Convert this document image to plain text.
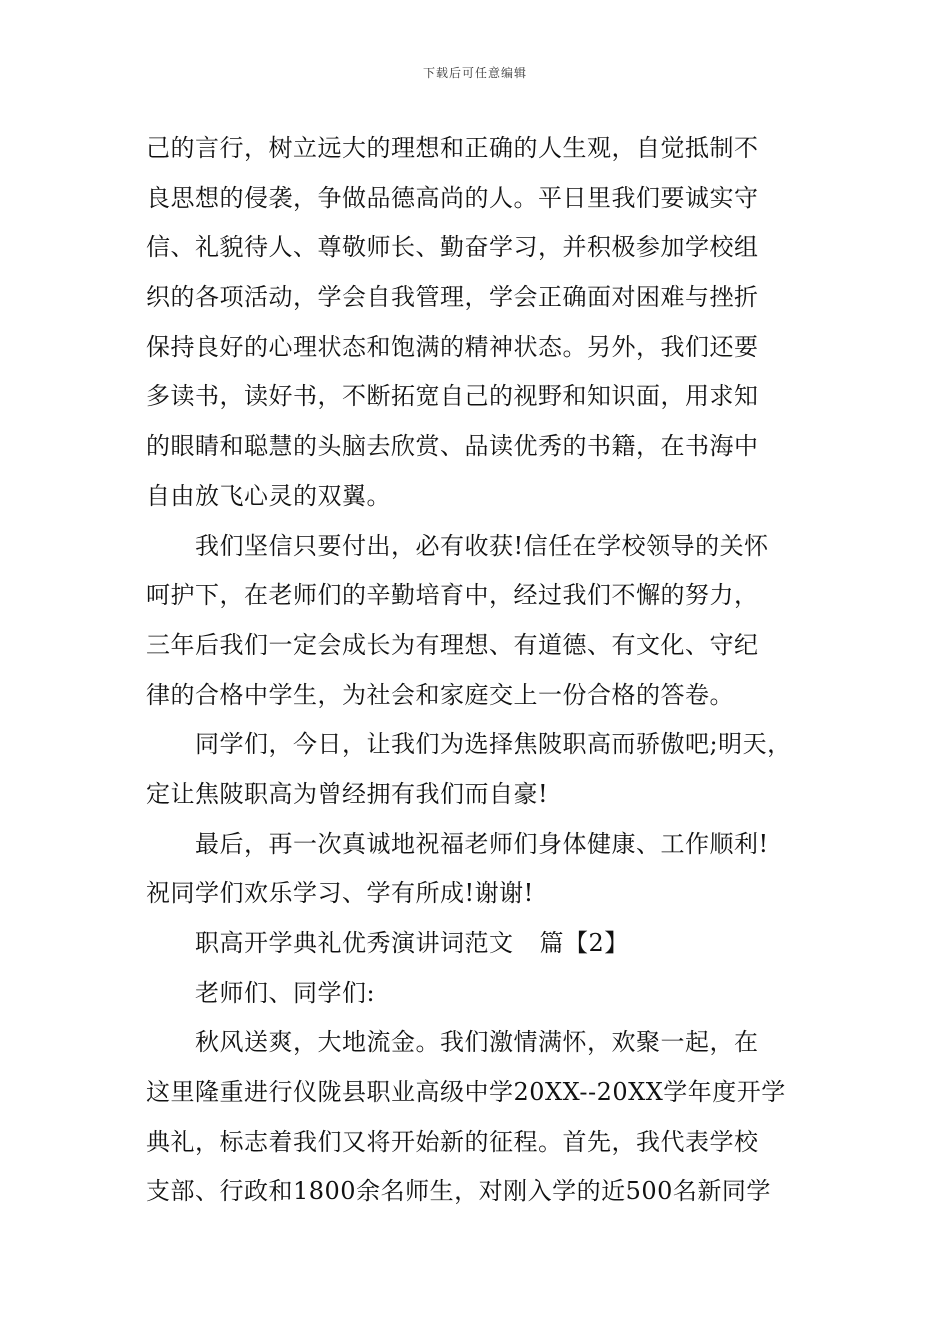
下载后可任意编辑
己的言行，树立远大的理想和正确的人生观，自觉抵制不
良思想的侵袭，争做品德高尚的人。平日里我们要诚实守
信、礼貌待人、尊敬师长、勤奋学习，并积极参加学校组
织的各项活动，学会自我管理，学会正确面对困难与挫折
保持良好的心理状态和饱满的精神状态。另外，我们还要
多读书，读好书，不断拓宽自己的视野和知识面，用求知
的眼睛和聪慧的头脑去欣赏、品读优秀的书籍，在书海中
自由放飞心灵的双翼。
我们坚信只要付出，必有收获!信任在学校领导的关怀
呵护下，在老师们的辛勤培育中，经过我们不懈的努力，
三年后我们一定会成长为有理想、有道德、有文化、守纪
律的合格中学生，为社会和家庭交上一份合格的答卷。
同学们，今日，让我们为选择焦陂职高而骄傲吧;明天，
定让焦陂职高为曾经拥有我们而自豪!
最后，再一次真诚地祝福老师们身体健康、工作顺利!
祝同学们欢乐学习、学有所成!谢谢!
职高开学典礼优秀演讲词范文 篇【2】
老师们、同学们:
秋风送爽，大地流金。我们激情满怀，欢聚一起，在
这里隆重进行仪陇县职业高级中学20XX--20XX学年度开学
典礼，标志着我们又将开始新的征程。首先，我代表学校
支部、行政和1800余名师生，对刚入学的近500名新同学
